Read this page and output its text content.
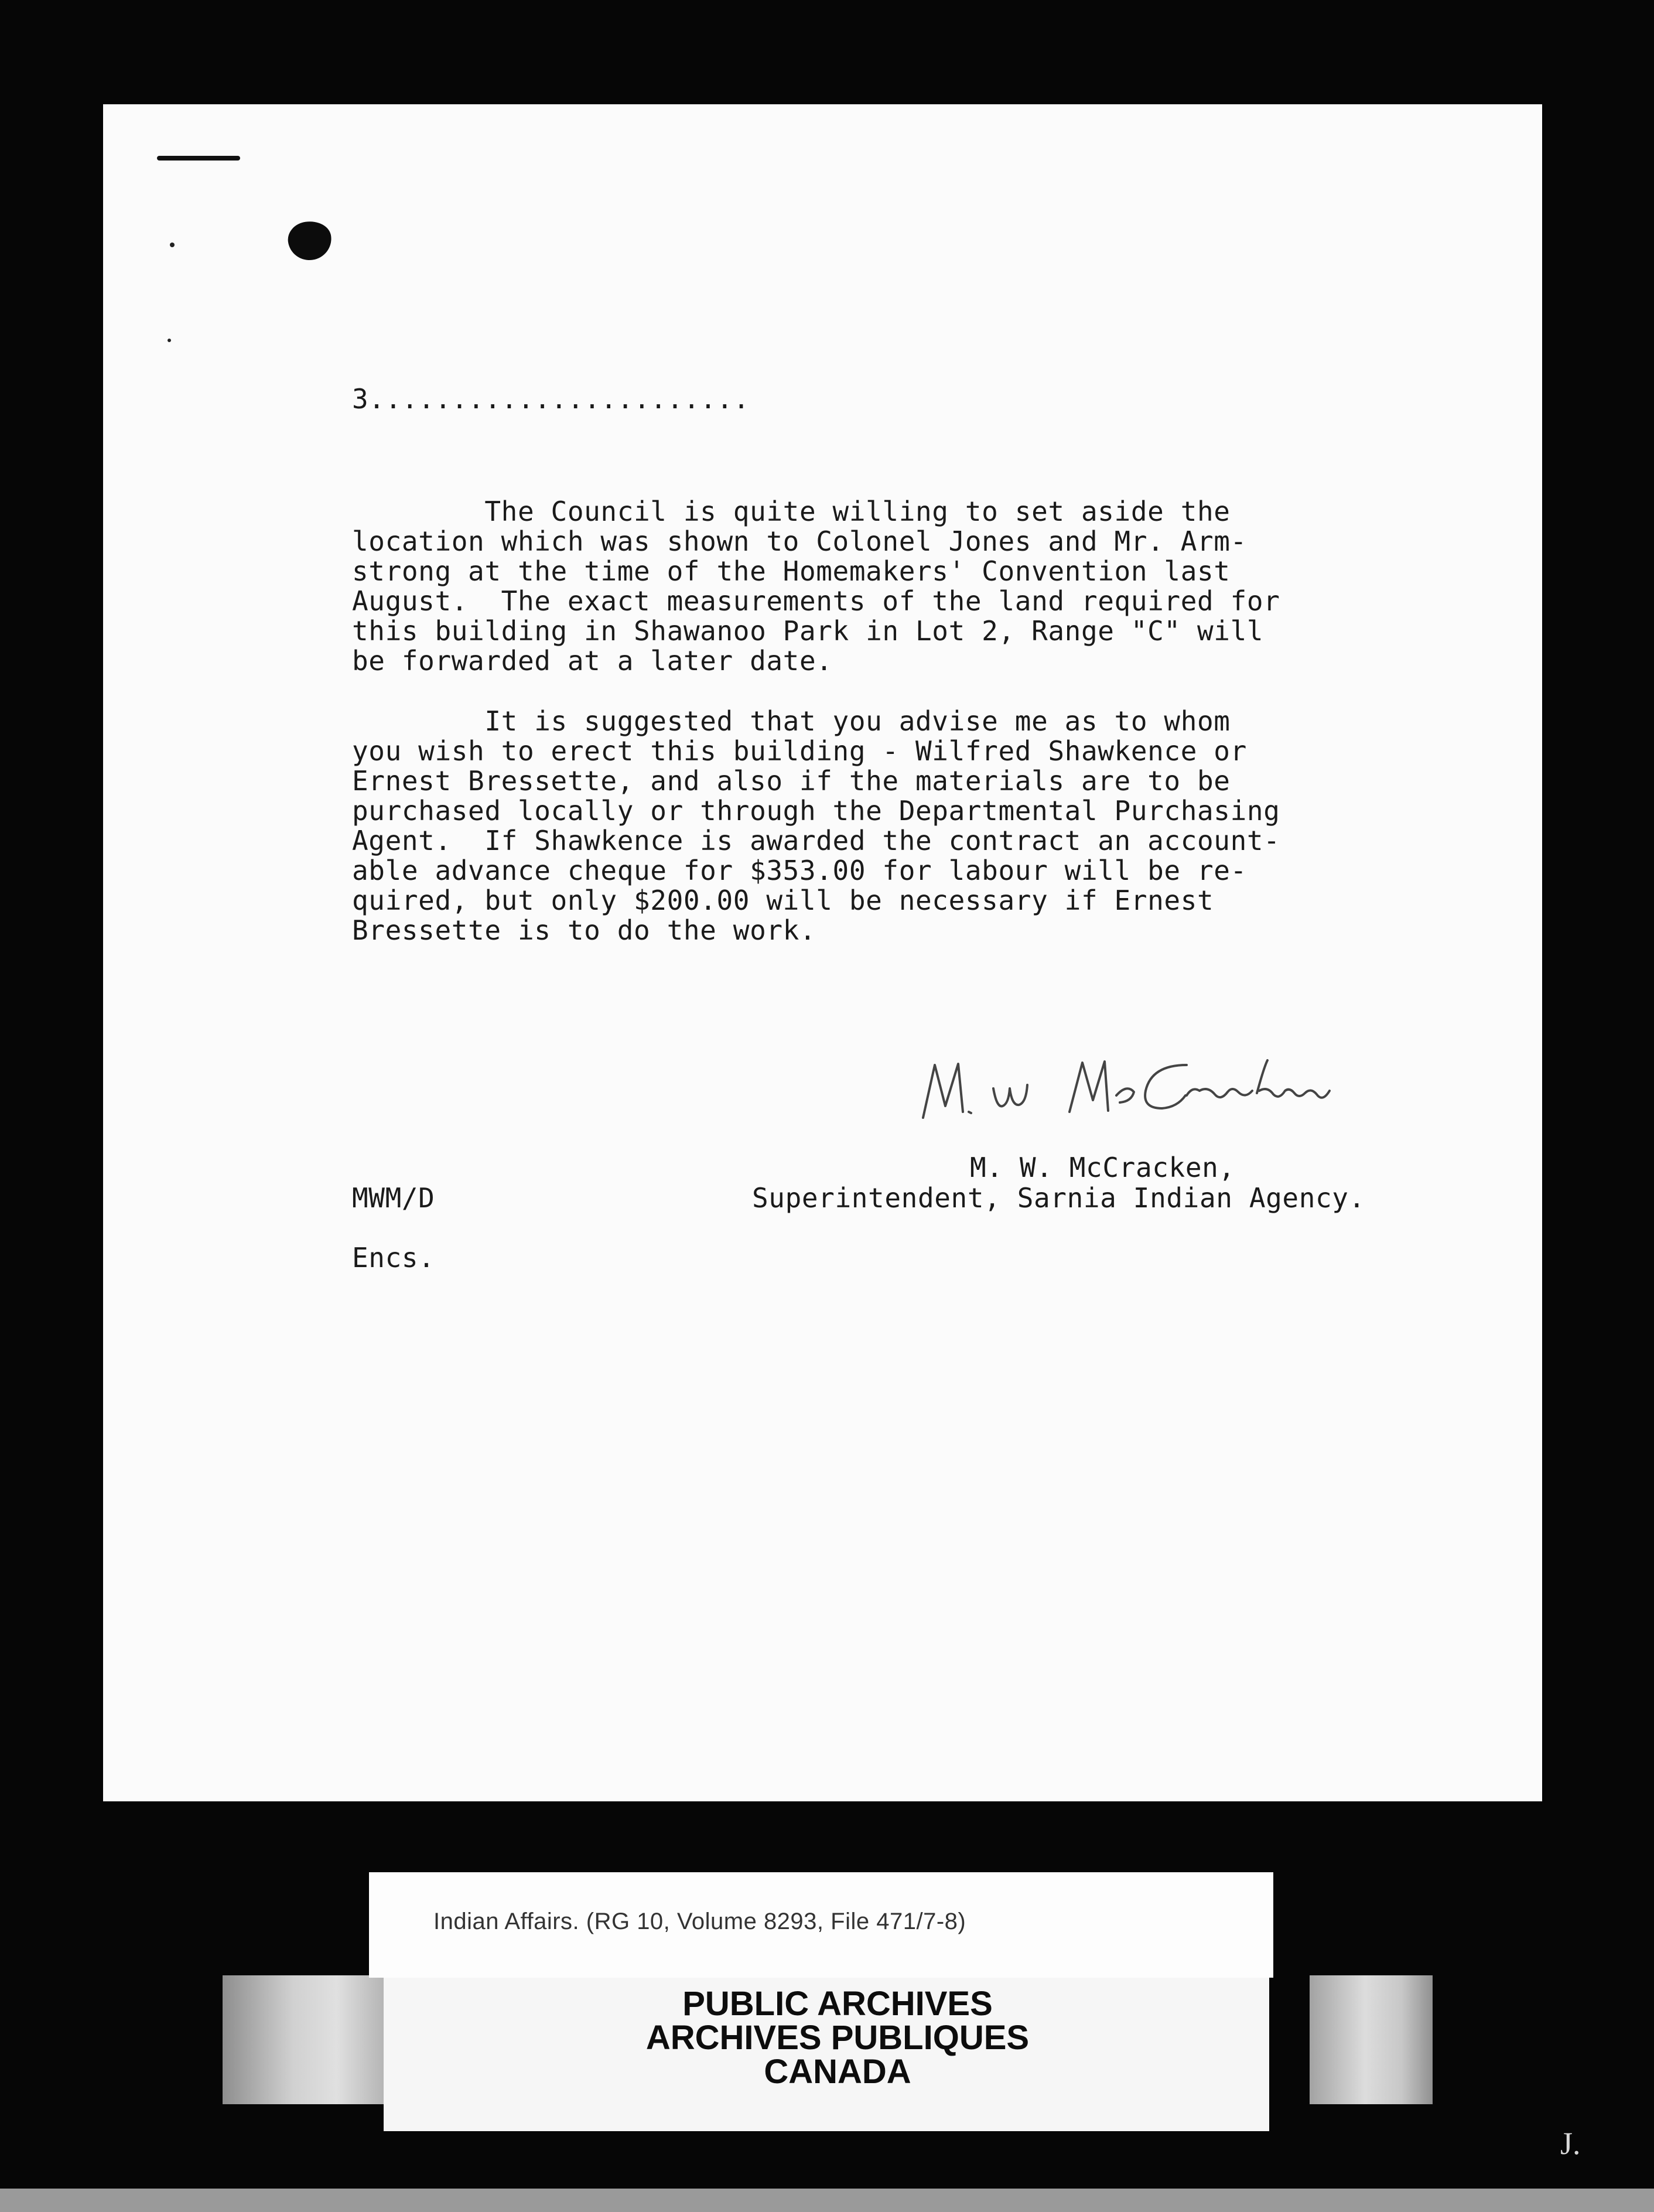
3.......................
The Council is quite willing to set aside the
location which was shown to Colonel Jones and Mr. Arm-
strong at the time of the Homemakers' Convention last
August.  The exact measurements of the land required for
this building in Shawanoo Park in Lot 2, Range "C" will
be forwarded at a later date.
It is suggested that you advise me as to whom
you wish to erect this building - Wilfred Shawkence or
Ernest Bressette, and also if the materials are to be
purchased locally or through the Departmental Purchasing
Agent.  If Shawkence is awarded the contract an account-
able advance cheque for $353.00 for labour will be re-
quired, but only $200.00 will be necessary if Ernest
Bressette is to do the work.
M. W. McCracken,
Superintendent, Sarnia Indian Agency.
MWM/D
Encs.
Indian Affairs. (RG 10, Volume 8293, File 471/7-8)
PUBLIC ARCHIVES
ARCHIVES PUBLIQUES
CANADA
J.
